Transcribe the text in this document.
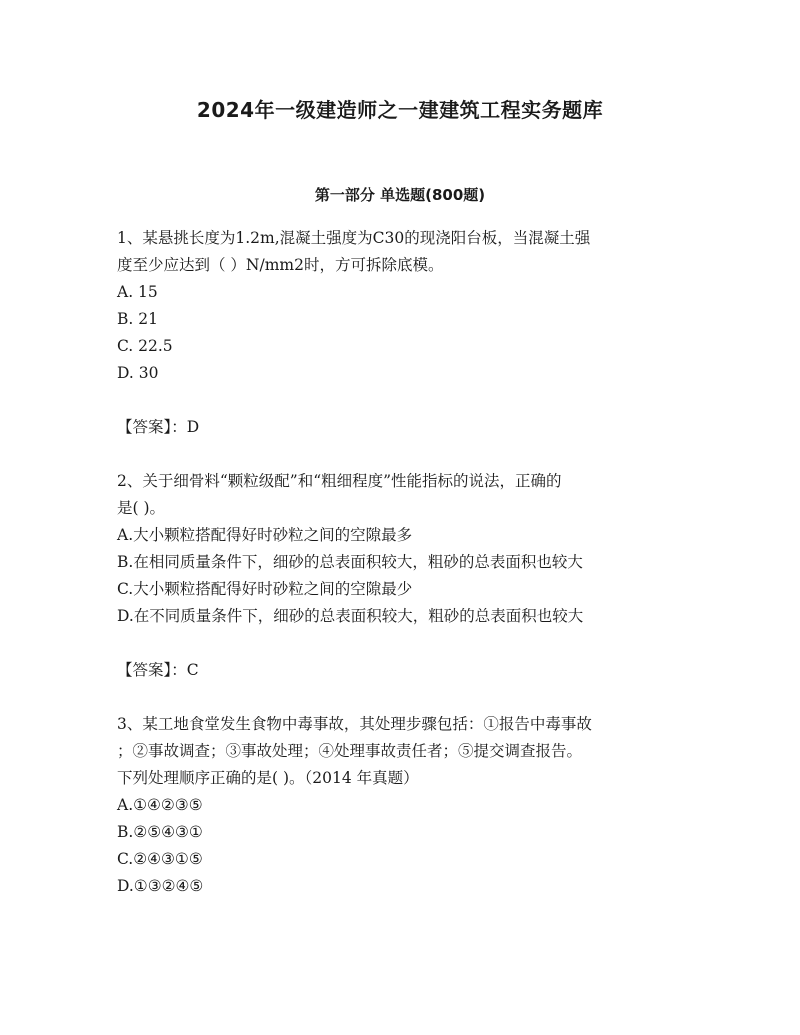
2024年一级建造师之一建建筑工程实务题库
第一部分 单选题(800题)
1、某悬挑长度为1.2m,混凝土强度为C30的现浇阳台板，当混凝土强
度至少应达到（ ）N/mm2时，方可拆除底模。
A. 15
B. 21
C. 22.5
D. 30
【答案】：D
2、关于细骨料“颗粒级配”和“粗细程度”性能指标的说法，正确的
是( )。
A.大小颗粒搭配得好时砂粒之间的空隙最多
B.在相同质量条件下，细砂的总表面积较大，粗砂的总表面积也较大
C.大小颗粒搭配得好时砂粒之间的空隙最少
D.在不同质量条件下，细砂的总表面积较大，粗砂的总表面积也较大
【答案】：C
3、某工地食堂发生食物中毒事故，其处理步骤包括：①报告中毒事故
；②事故调查；③事故处理；④处理事故责任者；⑤提交调查报告。
下列处理顺序正确的是( )。（2014 年真题）
A.①④②③⑤
B.②⑤④③①
C.②④③①⑤
D.①③②④⑤
